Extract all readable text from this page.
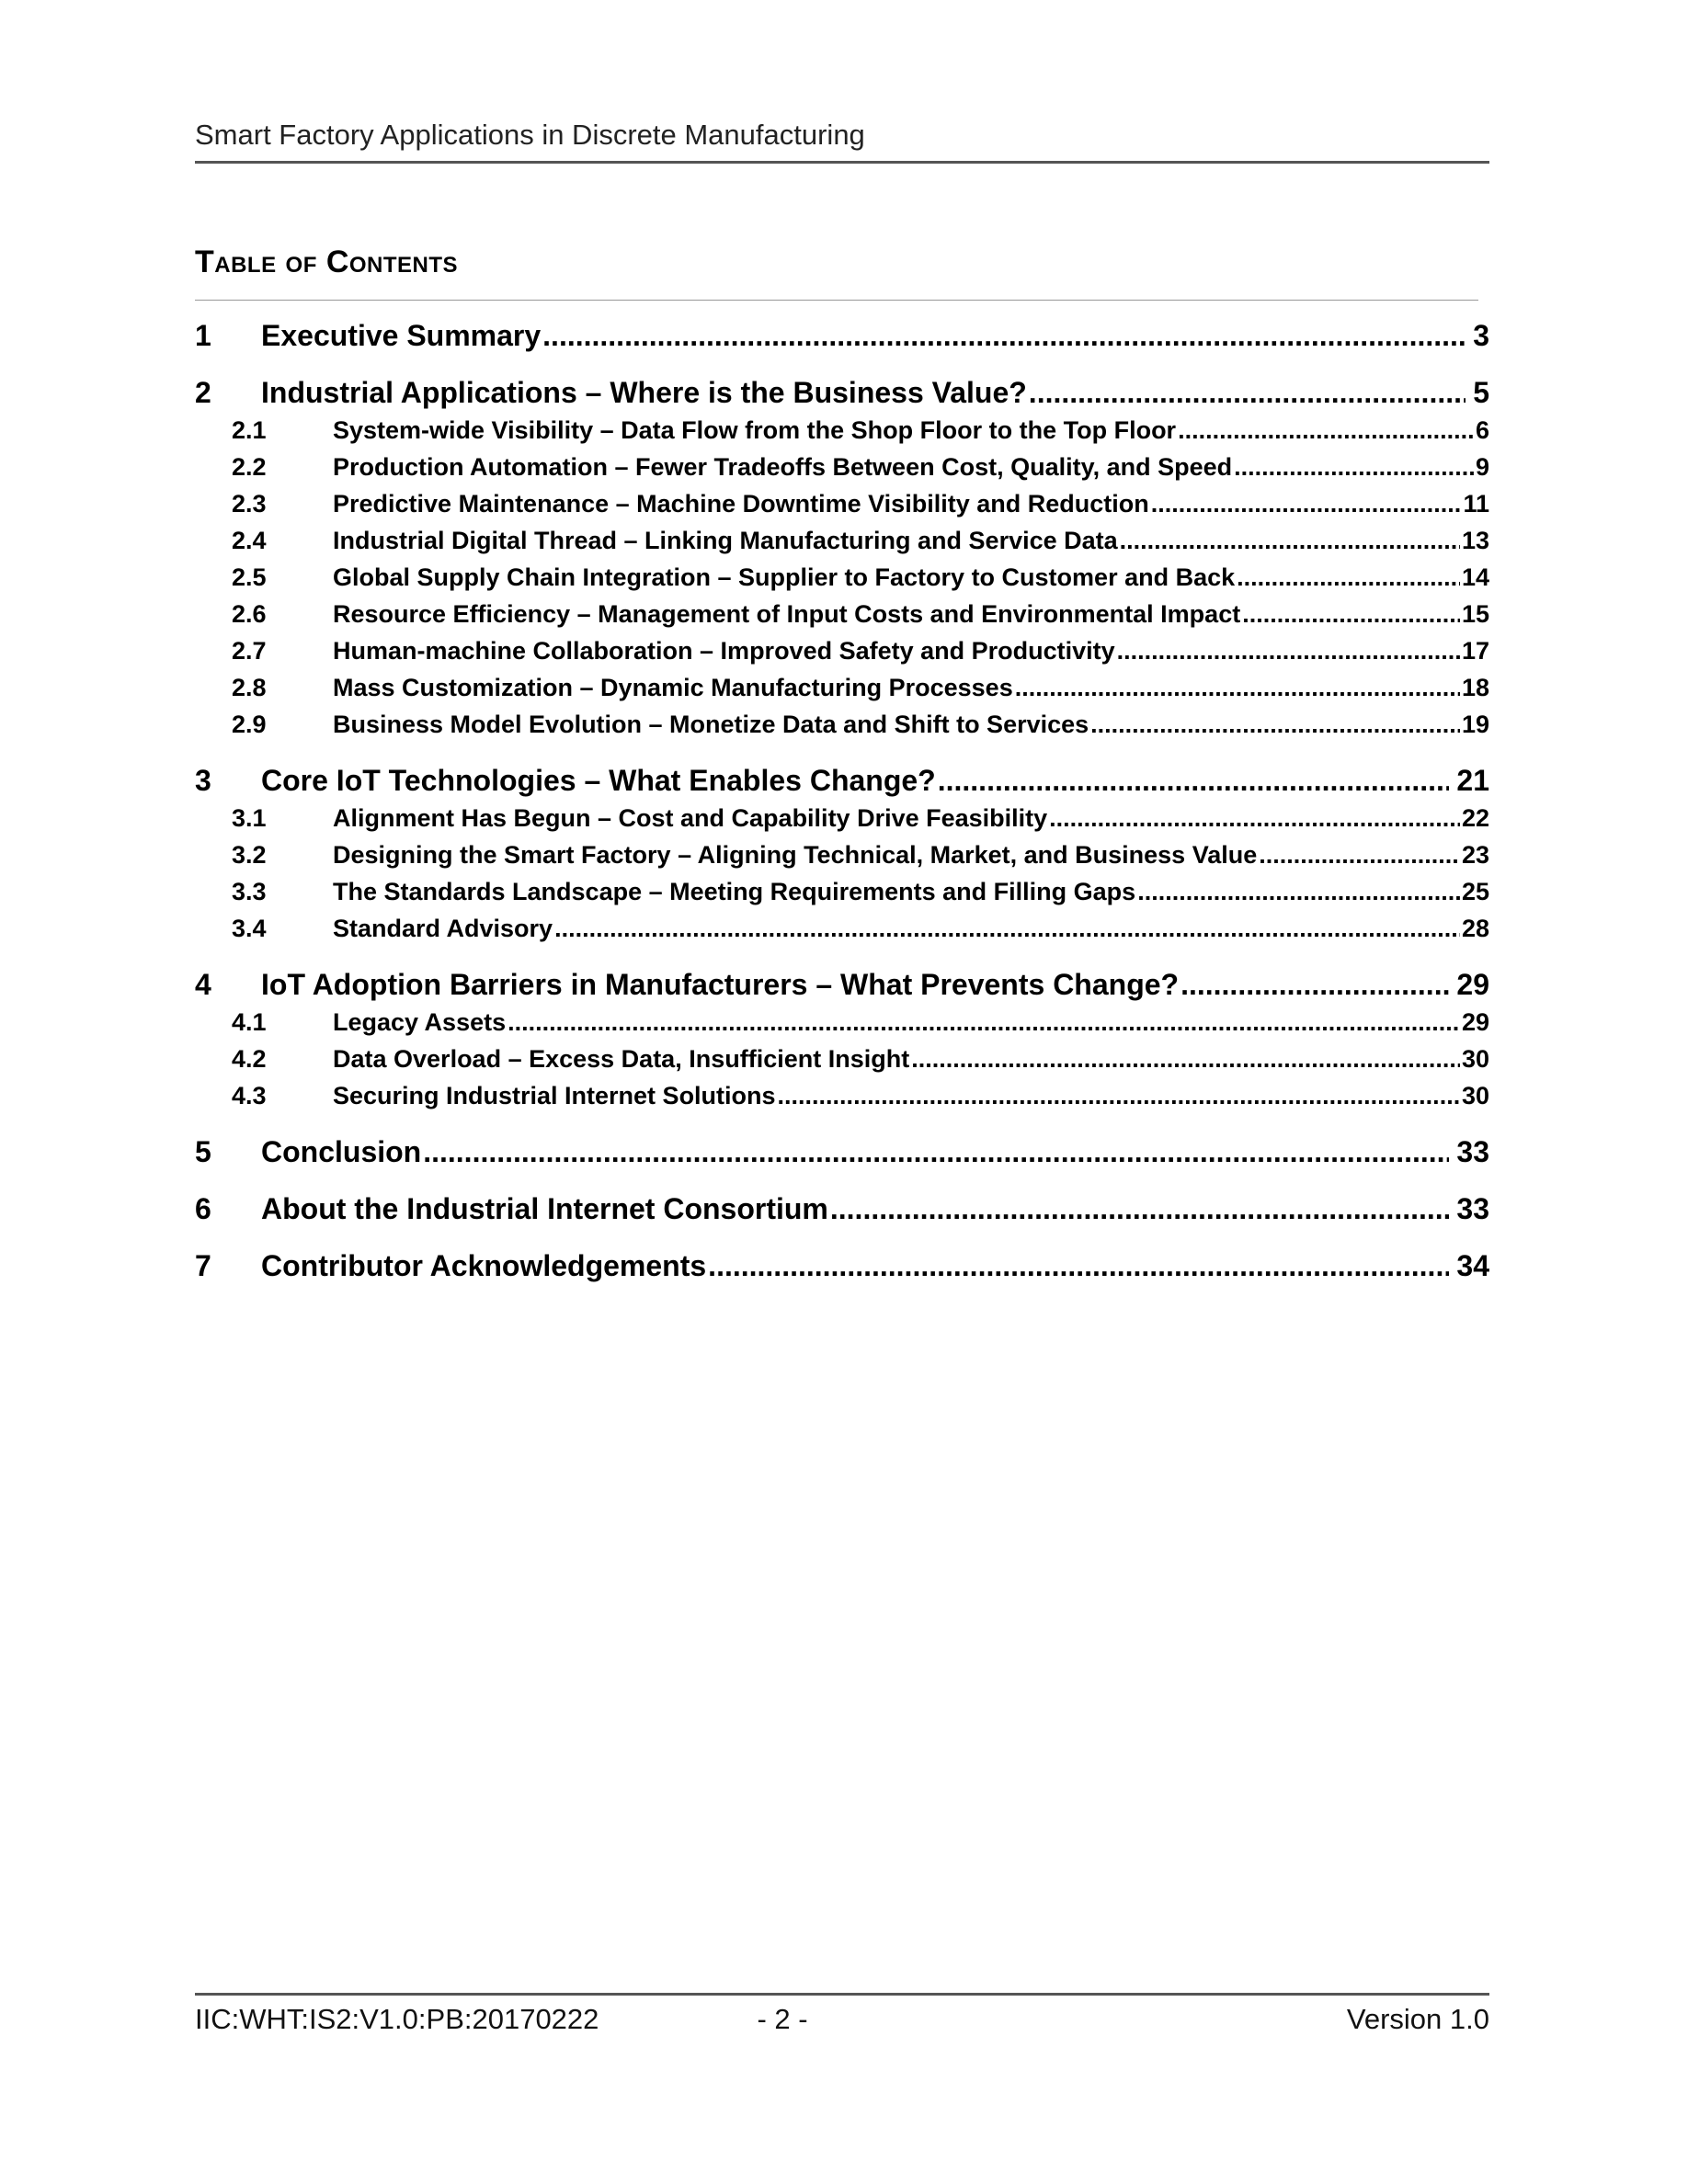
Smart Factory Applications in Discrete Manufacturing
Table of Contents
1	Executive Summary .....	3
2	Industrial Applications – Where is the Business Value? .....	5
2.1	System-wide Visibility – Data Flow from the Shop Floor to the Top Floor .....	6
2.2	Production Automation – Fewer Tradeoffs Between Cost, Quality, and Speed .....	9
2.3	Predictive Maintenance – Machine Downtime Visibility and Reduction .....	11
2.4	Industrial Digital Thread – Linking Manufacturing and Service Data .....	13
2.5	Global Supply Chain Integration – Supplier to Factory to Customer and Back .....	14
2.6	Resource Efficiency – Management of Input Costs and Environmental Impact .....	15
2.7	Human-machine Collaboration – Improved Safety and Productivity .....	17
2.8	Mass Customization – Dynamic Manufacturing Processes .....	18
2.9	Business Model Evolution – Monetize Data and Shift to Services .....	19
3	Core IoT Technologies – What Enables Change? .....	21
3.1	Alignment Has Begun – Cost and Capability Drive Feasibility .....	22
3.2	Designing the Smart Factory – Aligning Technical, Market, and Business Value .....	23
3.3	The Standards Landscape – Meeting Requirements and Filling Gaps .....	25
3.4	Standard Advisory .....	28
4	IoT Adoption Barriers in Manufacturers – What Prevents Change? .....	29
4.1	Legacy Assets .....	29
4.2	Data Overload – Excess Data, Insufficient Insight .....	30
4.3	Securing Industrial Internet Solutions .....	30
5	Conclusion .....	33
6	About the Industrial Internet Consortium .....	33
7	Contributor Acknowledgements .....	34
IIC:WHT:IS2:V1.0:PB:20170222	- 2 -	Version 1.0
